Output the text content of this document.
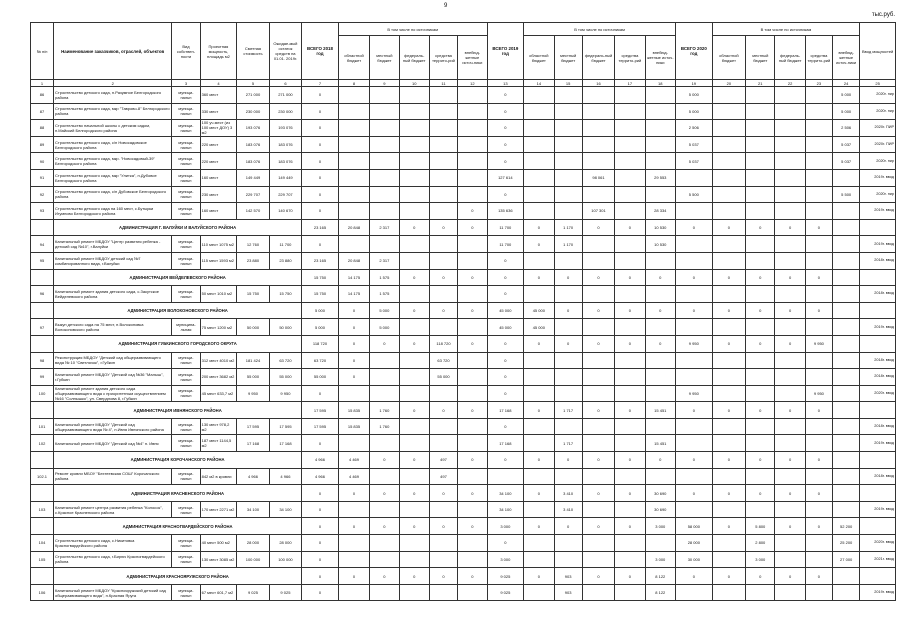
9
тыс.руб.
№ п/п	Наименование заказчиков, отраслей, объектов	Вид собствен-ности	Проектная мощность, площадь м2	Сметная стоимость	Ожидае-мый остаток средств на 01.01. 2019г.	ВСЕГО 2018 год	В том числе по источникам					ВСЕГО 2019 год	В том числе по источникам					ВСЕГО 2020 год	В том числе по источникам					Ввод мощностей
							областной бюджет	местный бюджет	федераль-ный бюджет	средства террито-рий	внебюд-жетные источ-ники		областной бюджет	местный бюджет	федераль-ный бюджет	средства террито-рий	внебюд-жетные источ-ники		областной бюджет	местный бюджет	федераль-ный бюджет	средства террито-рий	внебюд-жетные источ-ники	
1	2	3	4	5	6	7	8	9	10	11	12	13	14	15	16	17	18	19	20	21	22	23	24	25
86	Строительство детского сада, п.Разумное Белгородского района	муници-пальн	360 мест	271 000	271 000	0						0						5 000					5 000	2020г. пир
87	Строительство детского сада, мкр "Таврово-8" Белгородского района	муници-пальн	330 мест	230 000	230 000	0						0						5 000					5 000	2020г. пир
88	Строительство начальной школы с детским садом, п.Майский Белгородского района	муници-пальн	100 уч.мест (из 100 мест ДОУ) 3 м2	193 076	193 076	0						0						2 506					2 506	2020г. ПИР
89	Строительство детского сада, с/п Новосадовское Белгородского района	муници-пальн	220 мест	183 076	183 076	0						0						5 037					5 037	2020г. ПИР
90	Строительство детского сада, мкр. "Новосадовый-39" Белгородского района	муници-пальн	220 мест	183 076	183 076	0						0						5 037					5 037	2020г. пир
91	Строительство детского сада, мкр "Улитка", п.Дубовое Белгородского района	муници-пальн	160 мест	149 449	149 449	0						127 614			98 061		29 553							2019г. ввод
92	Строительство детского сада, с/п Дубовское Белгородского района	муници-пальн	230 мест	229 707	229 707	0						0						5 500					5 500	2020г. пир
93	Строительство детского сада на 160 мест, с.Бутырки Игумново Белгородского района	муници-пальн	160 мест	142 570	140 670	0					0	135 636			107 301		28 334							2019г. ввод
	АДМИНИСТРАЦИЯ Г. ВАЛУЙКИ И ВАЛУЙСКОГО РАЙОНА					23 165	20 848	2 317	0	0	0	11 700	0	1 170	0	0	10 530	0	0	0	0	0		
94	Капитальный ремонт МБДОУ "Центр развития ребенка - детский сад №10", г.Валуйки	муници-пальн	110 мест 1075 м2	12 760	11 700	0						11 700	0	1 170			10 530							2019г. ввод
95	Капитальный ремонт МБДОУ детский сад №7 комбинированного вида, г.Валуйки	муници-пальн	115 мест 1593 м2	23 880	23 880	23 165	20 848	2 317				0												2018г. ввод
	АДМИНИСТРАЦИЯ ВЕЙДЕЛЕВСКОГО РАЙОНА					15 750	14 175	1 575	0	0	0	0	0	0	0	0	0	0	0	0	0	0		
96	Капитальный ремонт здания детского сада, с.Закутское Вейделевского района	муници-пальн	50 мест 1010 м2	15 750	15 750	15 750	14 175	1 575				0												2018г. ввод
	АДМИНИСТРАЦИЯ ВОЛОКОНОВСКОГО РАЙОНА					5 000	0	5 000	0	0	0	45 000	45 000	0	0	0	0	0	0	0	0	0		
97	Выкуп детского сада на 75 мест, п.Волоконовка Волоконовского района	муниципа-льная	75 мест 1200 м2	50 000	50 000	5 000	0	5 000				45 000	45 000											2019г. ввод
	АДМИНИСТРАЦИЯ ГУБКИНСКОГО ГОРОДСКОГО ОКРУГА					118 720	0	0	0	118 720	0	0	0	0	0	0	0	9 950	0	0	0	9 950		
98	Реконструкция МБДОУ "Детский сад общеразвивающего вида № 10 "Светлячок", г.Губкин	муници-пальн	312 мест 4010 м2	181 424	63 720	63 720	0			63 720		0												2018г. ввод
99	Капитальный ремонт МБДОУ "Детский сад №36 "Малыш", г.Губкин	муници-пальн	200 мест 3682 м2	55 000	55 000	55 000	0			55 000		0												2018г. ввод
100	Капитальный ремонт здания детского сада общеразвивающего вида с приоритетным осуществлением №16 "Солнышко", ул. Свердлова 8, г.Губкин	муници-пальн	45 мест 633,7 м2	9 950	9 950	0						0						9 950				9 950		2020г. ввод
	АДМИНИСТРАЦИЯ ИВНЯНСКОГО РАЙОНА					17 595	15 835	1 760	0	0	0	17 168	0	1 717	0	0	15 451	0	0	0	0	0		
101	Капитальный ремонт МБДОУ "Детский сад общеразвивающего вида № 4", п.Ивня Ивнянского района	муници-пальн	130 мест 978,2 м2	17 595	17 595	17 595	15 835	1 760				0												2018г. ввод
102	Капитальный ремонт МБДОУ "Детский сад №4" п. Ивня	муници-пальн	187 мест 1144,5 м2	17 168	17 168	0						17 168		1 717			15 451							2019г. ввод
	АДМИНИСТРАЦИЯ КОРОЧАНСКОГО РАЙОНА					4 966	4 469	0	0	497	0	0	0	0	0	0	0	0	0	0	0	0		
102.1	Ремонт кровли МБОУ "Бехтеевская СОШ" Корочанского района	муници-пальн	842 м2 в кровли	4 966	4 966	4 966	4 469			497														2018г. ввод
	АДМИНИСТРАЦИЯ КРАСНЕНСКОГО РАЙОНА					0	0	0	0	0	0	34 100	0	3 410	0	0	30 690	0	0	0	0	0		
103	Капитальный ремонт центра развития ребенка "Колосок", с.Красное Красненского района	муници-пальн	170 мест 2271 м2	34 100	34 100	0						34 100		3 410			30 690							2019г. ввод
	АДМИНИСТРАЦИЯ КРАСНОГВАРДЕЙСКОГО РАЙОНА					0	0	0	0	0	0	3 000	0	0	0	0	3 000	58 000	0	5 800	0	0	52 200	
104	Строительство детского сада, с.Никитовка Красногвардейского района	муници-пальн	40 мест 500 м2	28 000	28 000	0						0						28 000		2 800			25 200	2020г. ввод
105	Строительство детского сада, г.Бирюч Красногвардейского района	муници-пальн	130 мест 3085 м2	100 000	100 000	0						3 000					3 000	30 000		3 000			27 000	2021г. ввод
	АДМИНИСТРАЦИЯ КРАСНОЯРУЖСКОГО РАЙОНА					0	0	0	0	0	0	9 025	0	903	0	0	8 122	0	0	0	0	0		
106	Капитальный ремонт МБДОУ "Краснояружский детский сад общеразвивающего вида", п.Красная Яруга	муници-пальн	67 мест 601,7 м2	9 025	9 025	0						9 025		903			8 122							2019г. ввод
